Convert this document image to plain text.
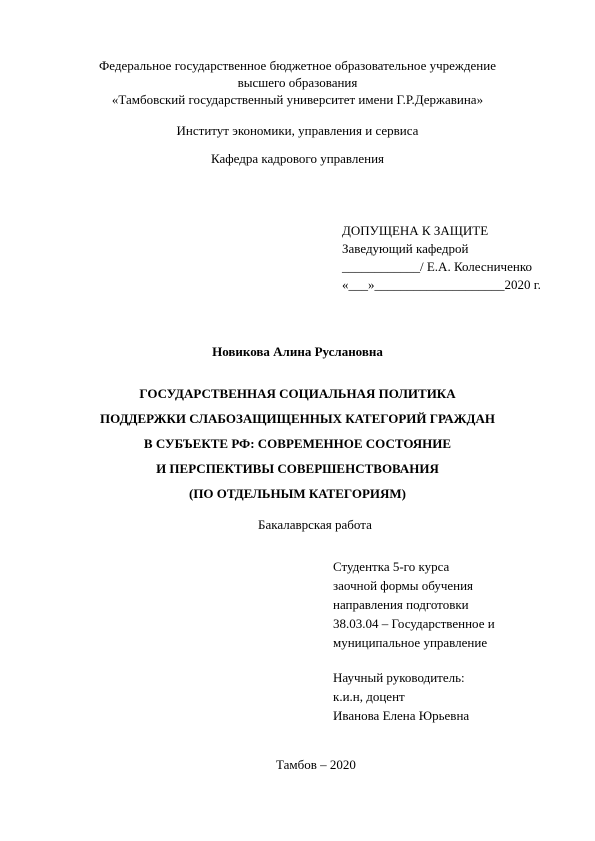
Федеральное государственное бюджетное образовательное учреждение
высшего образования
«Тамбовский государственный университет имени Г.Р.Державина»
Институт экономики, управления и сервиса
Кафедра кадрового управления
ДОПУЩЕНА К ЗАЩИТЕ
Заведующий кафедрой
____________/ Е.А. Колесниченко
«___»____________________2020 г.
Новикова Алина Руслановна
ГОСУДАРСТВЕННАЯ СОЦИАЛЬНАЯ ПОЛИТИКА
ПОДДЕРЖКИ СЛАБОЗАЩИЩЕННЫХ КАТЕГОРИЙ ГРАЖДАН
В СУБЪЕКТЕ РФ: СОВРЕМЕННОЕ СОСТОЯНИЕ
И ПЕРСПЕКТИВЫ СОВЕРШЕНСТВОВАНИЯ
(ПО ОТДЕЛЬНЫМ КАТЕГОРИЯМ)
Бакалаврская работа
Студентка 5-го курса
заочной формы обучения
направления подготовки
38.03.04 – Государственное и
муниципальное управление
Научный руководитель:
к.и.н, доцент
Иванова Елена Юрьевна
Тамбов – 2020
